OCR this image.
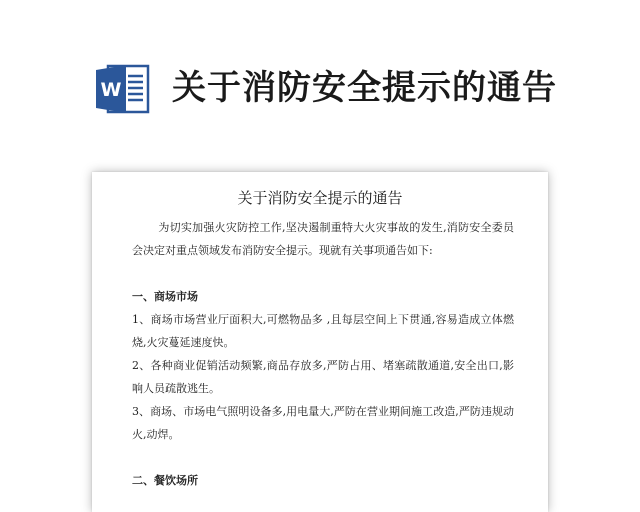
W 关于消防安全提示的通告
关于消防安全提示的通告

为切实加强火灾防控工作,坚决遏制重特大火灾事故的发生,消防安全委员会决定对重点领域发布消防安全提示。现就有关事项通告如下:

一、商场市场

1、商场市场营业厅面积大,可燃物品多 ,且每层空间上下贯通,容易造成立体燃烧,火灾蔓延速度快。

2、各种商业促销活动频繁,商品存放多,严防占用、堵塞疏散通道,安全出口,影响人员疏散逃生。

3、商场、市场电气照明设备多,用电量大,严防在营业期间施工改造,严防违规动火,动焊。

二、餐饮场所
